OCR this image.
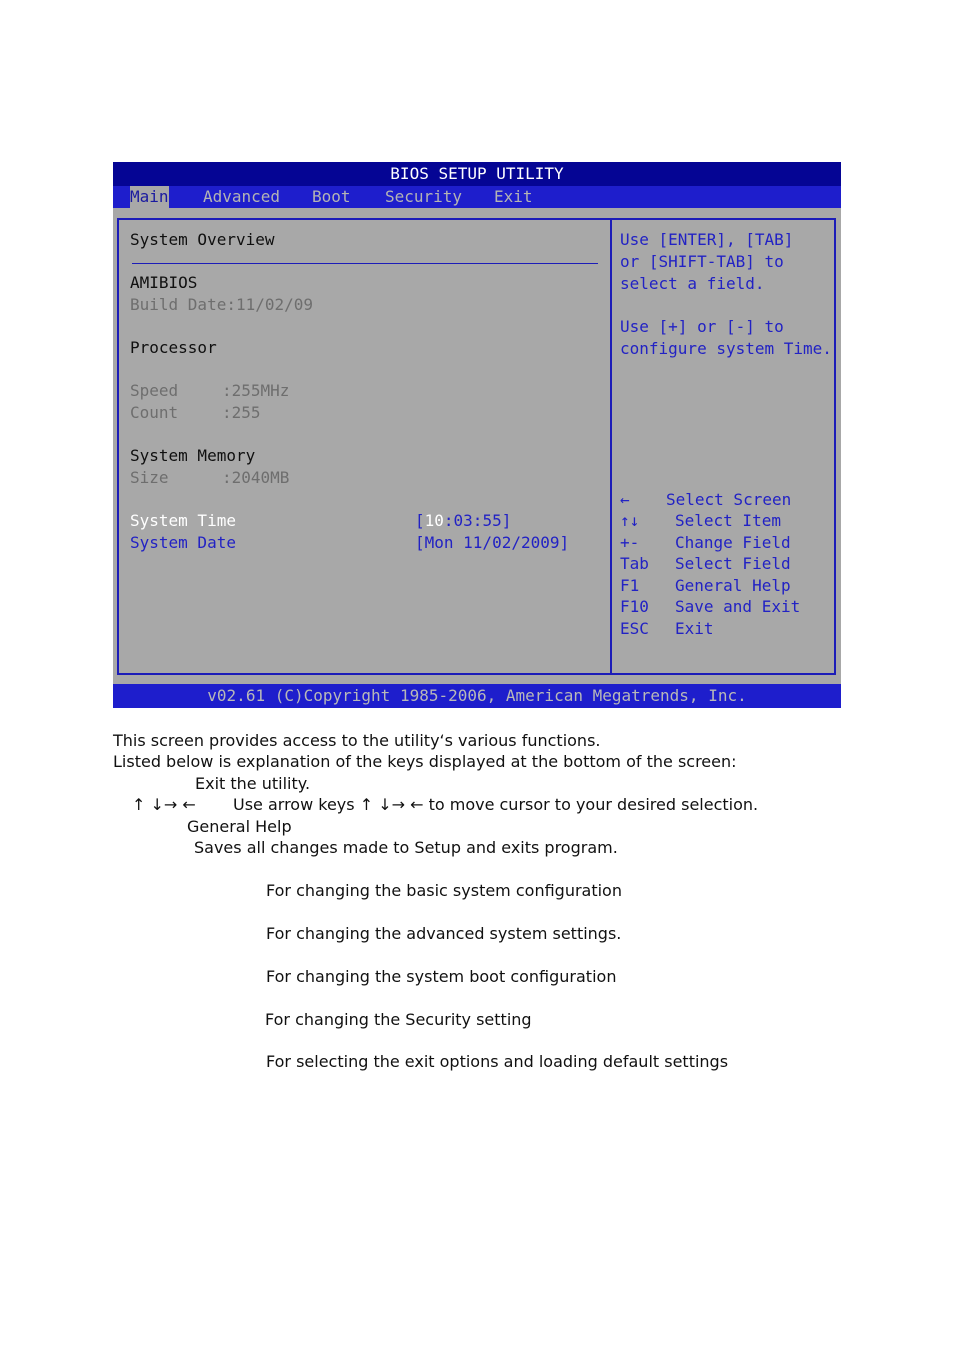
BIOS SETUP UTILITY
Main Advanced Boot Security Exit
System Overview
AMIBIOS
Build Date:11/02/09
Processor
Speed	:255MHz
Count	:255
System Memory
Size	:2040MB
System Time	[10:03:55]
System Date	[Mon 11/02/2009]
Use [ENTER], [TAB]
or [SHIFT-TAB] to
select a field.
Use [+] or [-] to
configure system Time.
← Select Screen
↑↓ Select Item
+- Change Field
Tab Select Field
F1 General Help
F10 Save and Exit
ESC Exit
v02.61 (C)Copyright 1985-2006, American Megatrends, Inc.
This screen provides access to the utility‘s various functions.
Listed below is explanation of the keys displayed at the bottom of the screen:
Exit the utility.
↑ ↓→ ← Use arrow keys ↑ ↓→ ← to move cursor to your desired selection.
General Help
Saves all changes made to Setup and exits program.
For changing the basic system configuration
For changing the advanced system settings.
For changing the system boot configuration
For changing the Security setting
For selecting the exit options and loading default settings
